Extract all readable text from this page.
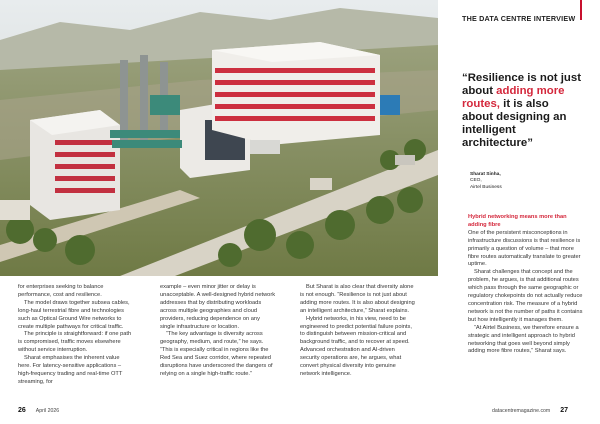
THE DATA CENTRE INTERVIEW
“Resilience is not just about adding more routes, it is also about designing an intelligent architecture”
Sharat Sinha,
CEO,
Airtel Business

for enterprises seeking to balance performance, cost and resilience.

The model draws together subsea cables, long-haul terrestrial fibre and technologies such as Optical Ground Wire networks to create multiple pathways for critical traffic.

The principle is straightforward: if one path is compromised, traffic moves elsewhere without service interruption.

Sharat emphasises the inherent value here. For latency-sensitive applications – high-frequency trading and real-time OTT streaming, for

example – even minor jitter or delay is unacceptable. A well-designed hybrid network addresses that by distributing workloads across multiple geographies and cloud providers, reducing dependence on any single infrastructure or location.

“The key advantage is diversity across geography, medium, and route,” he says. “This is especially critical in regions like the Red Sea and Suez corridor, where repeated disruptions have underscored the dangers of relying on a single high-traffic route.”

But Sharat is also clear that diversity alone is not enough. “Resilience is not just about adding more routes. It is also about designing an intelligent architecture,” Sharat explains.

Hybrid networks, in his view, need to be engineered to predict potential failure points, to distinguish between mission-critical and background traffic, and to recover at speed. Advanced orchestration and AI-driven security operations are, he argues, what convert physical diversity into genuine network intelligence.

Hybrid networking means more than adding fibre

One of the persistent misconceptions in infrastructure discussions is that resilience is primarily a question of volume – that more fibre routes automatically translate to greater uptime.

Sharat challenges that concept and the problem, he argues, is that additional routes which pass through the same geographic or regulatory chokepoints do not actually reduce concentration risk. The measure of a hybrid network is not the number of paths it contains but how intelligently it manages them.

“At Airtel Business, we therefore ensure a strategic and intelligent approach to hybrid networking that goes well beyond simply adding more fibre routes,” Sharat says.

26 April 2026	datacentremagazine.com 27
